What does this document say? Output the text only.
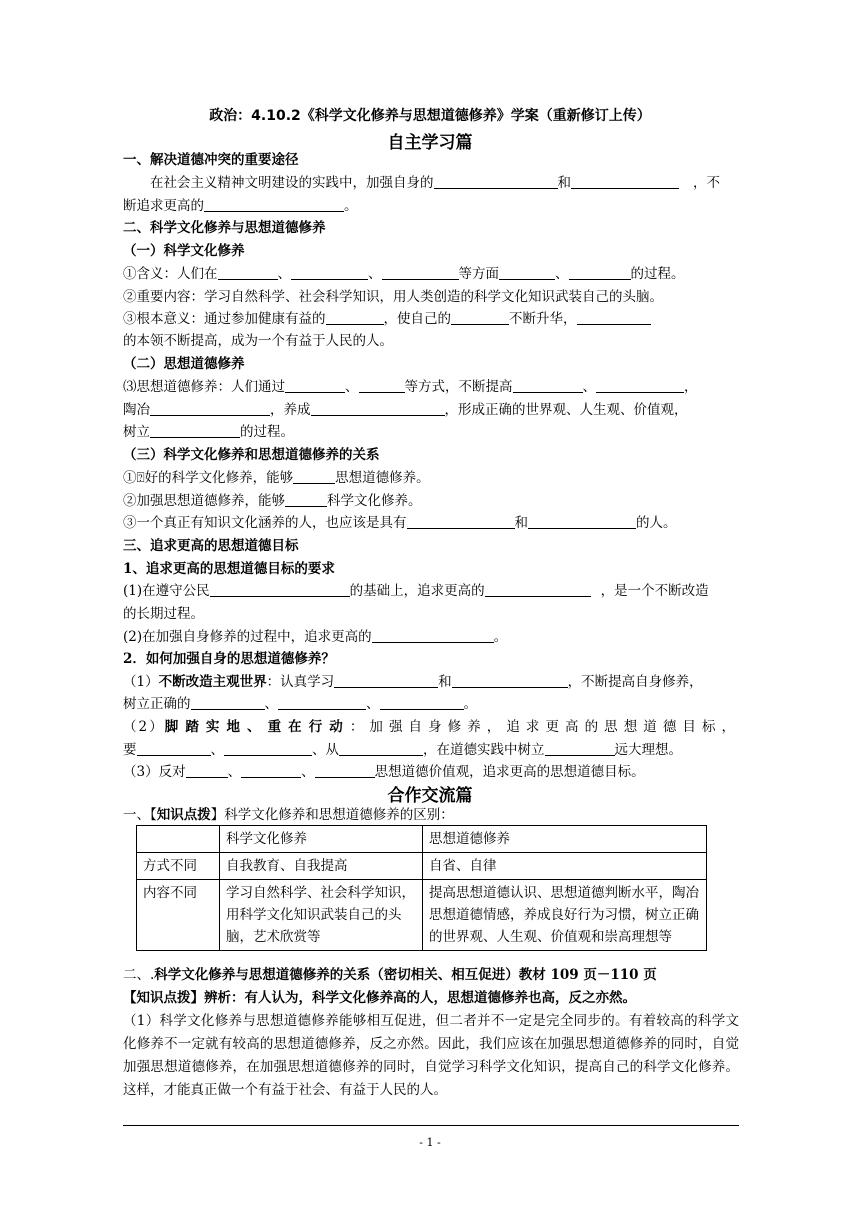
政治：4.10.2《科学文化修养与思想道德修养》学案（重新修订上传）
自主学习篇
一、解决道德冲突的重要途径
在社会主义精神文明建设的实践中，加强自身的	和	，不
断追求更高的	。
二、科学文化修养与思想道德修养
（一）科学文化修养
①含义：人们在	、	、	等方面	、	的过程。
②重要内容：学习自然科学、社会科学知识，用人类创造的科学文化知识武装自己的头脑。
③根本意义：通过参加健康有益的	，使自己的	不断升华，
的本领不断提高，成为一个有益于人民的人。
（二）思想道德修养
⑶思想道德修养：人们通过	、	等方式，不断提高	、	，
陶冶	，养成	，形成正确的世界观、人生观、价值观，
树立	的过程。
（三）科学文化修养和思想道德修养的关系
①⍰好的科学文化修养，能够	思想道德修养。
②加强思想道德修养，能够	科学文化修养。
③一个真正有知识文化涵养的人，也应该是具有	和	的人。
三、追求更高的思想道德目标
1、追求更高的思想道德目标的要求
(1)在遵守公民	的基础上，追求更高的	，是一个不断改造
的长期过程。
(2)在加强自身修养的过程中，追求更高的	。
2．如何加强自身的思想道德修养？
（1）不断改造主观世界：认真学习	和	，不断提高自身修养，
树立正确的	、	、	。
（2）脚踏实地、重在行动：加强自身修养，追求更高的思想道德目标，
要	、	、从	，在道德实践中树立	远大理想。
（3）反对	、	、	思想道德价值观，追求更高的思想道德目标。
合作交流篇
一、【知识点拨】科学文化修养和思想道德修养的区别：
	科学文化修养	思想道德修养
方式不同	自我教育、自我提高	自省、自律
内容不同	学习自然科学、社会科学知识，用科学文化知识武装自己的头脑，艺术欣赏等	提高思想道德认识、思想道德判断水平，陶冶思想道德情感，养成良好行为习惯，树立正确的世界观、人生观、价值观和崇高理想等
二、.科学文化修养与思想道德修养的关系（密切相关、相互促进）教材 109 页－110 页
【知识点拨】辨析：有人认为，科学文化修养高的人，思想道德修养也高，反之亦然。
（1）科学文化修养与思想道德修养能够相互促进，但二者并不一定是完全同步的。有着较高的科学文化修养不一定就有较高的思想道德修养，反之亦然。因此，我们应该在加强思想道德修养的同时，自觉加强思想道德修养，在加强思想道德修养的同时，自觉学习科学文化知识，提高自己的科学文化修养。这样，才能真正做一个有益于社会、有益于人民的人。
- 1 -
